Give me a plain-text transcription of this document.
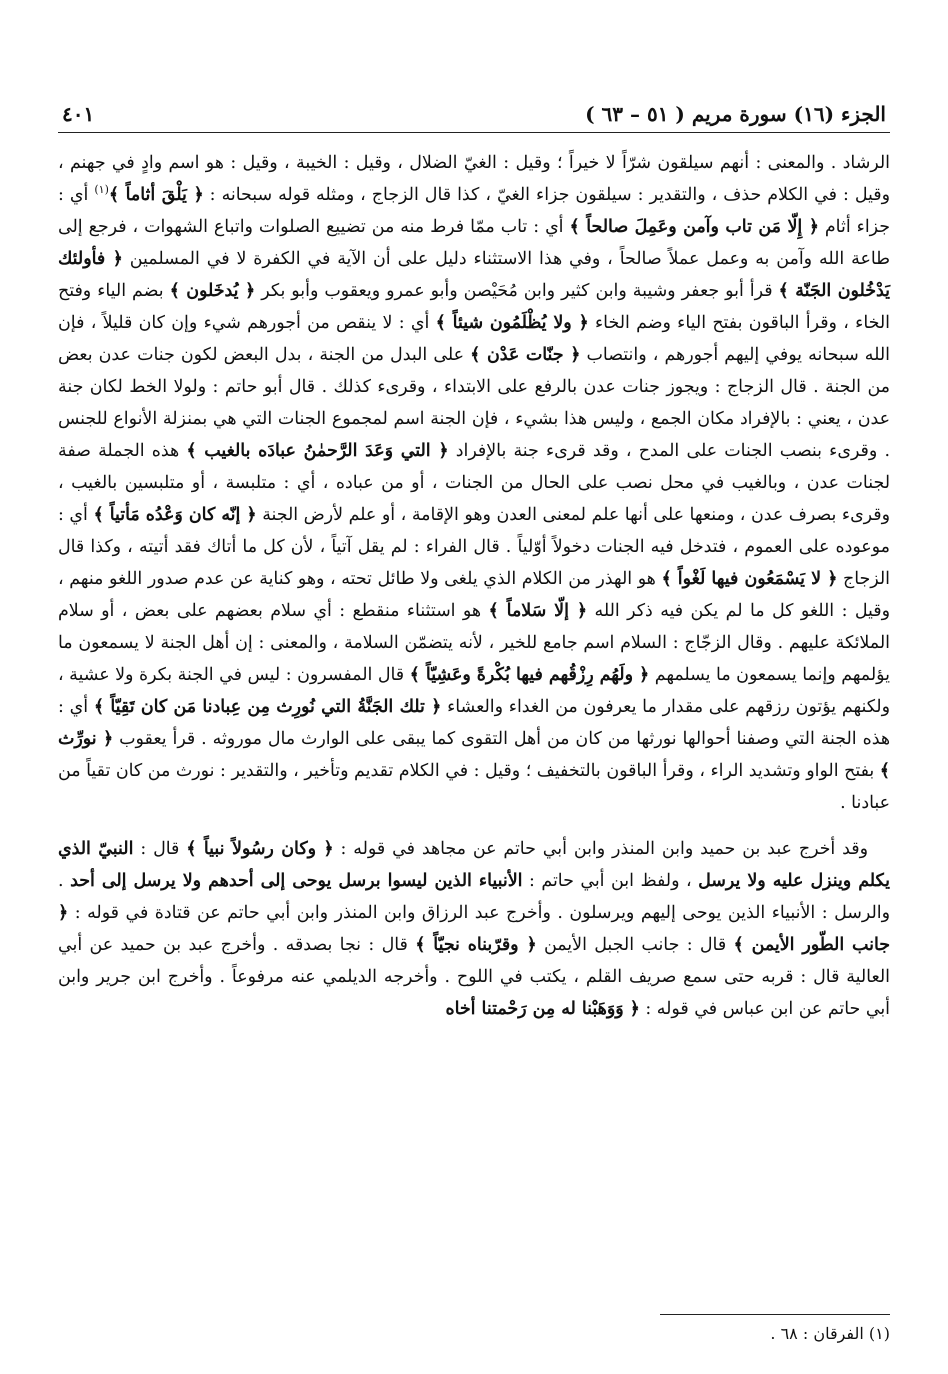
الجزء (١٦) سورة مريم ( ٥١ – ٦٣ )
٤٠١

الرشاد . والمعنى : أنهم سيلقون شرّاً لا خيراً ؛ وقيل : الغيّ الضلال ، وقيل : الخيبة ، وقيل : هو اسم وادٍ في جهنم ، وقيل : في الكلام حذف ، والتقدير : سيلقون جزاء الغيّ ، كذا قال الزجاج ، ومثله قوله سبحانه : ﴿ يَلْقَ أثاماً ﴾$^{(١)}$ أي : جزاء أثام ﴿ إِلّا مَن تاب وآمن وعَمِلَ صالحاً ﴾ أي : تاب ممّا فرط منه من تضييع الصلوات واتباع الشهوات ، فرجع إلى طاعة الله وآمن به وعمل عملاً صالحاً ، وفي هذا الاستثناء دليل على أن الآية في الكفرة لا في المسلمين ﴿ فأولئك يَدْخُلون الجَنّة ﴾ قرأ أبو جعفر وشيبة وابن كثير وابن مُحَيْصن وأبو عمرو ويعقوب وأبو بكر ﴿ يُدخَلون ﴾ بضم الياء وفتح الخاء ، وقرأ الباقون بفتح الياء وضم الخاء ﴿ ولا يُظْلَمُون شيئاً ﴾ أي : لا ينقص من أجورهم شيء وإن كان قليلاً ، فإن الله سبحانه يوفي إليهم أجورهم ، وانتصاب ﴿ جنّات عَدْن ﴾ على البدل من الجنة ، بدل البعض لكون جنات عدن بعض من الجنة . قال الزجاج : ويجوز جنات عدن بالرفع على الابتداء ، وقرىء كذلك . قال أبو حاتم : ولولا الخط لكان جنة عدن ، يعني : بالإفراد مكان الجمع ، وليس هذا بشيء ، فإن الجنة اسم لمجموع الجنات التي هي بمنزلة الأنواع للجنس . وقرىء بنصب الجنات على المدح ، وقد قرىء جنة بالإفراد ﴿ التي وَعَدَ الرَّحمٰنُ عبادَه بالغيب ﴾ هذه الجملة صفة لجنات عدن ، وبالغيب في محل نصب على الحال من الجنات ، أو من عباده ، أي : متلبسة ، أو متلبسين بالغيب ، وقرىء بصرف عدن ، ومنعها على أنها علم لمعنى العدن وهو الإقامة ، أو علم لأرض الجنة ﴿ إنّه كان وَعْدُه مَأتياً ﴾ أي : موعوده على العموم ، فتدخل فيه الجنات دخولاً أوّلياً . قال الفراء : لم يقل آتياً ، لأن كل ما أتاك فقد أتيته ، وكذا قال الزجاج ﴿ لا يَسْمَعُون فيها لَغْواً ﴾ هو الهذر من الكلام الذي يلغى ولا طائل تحته ، وهو كناية عن عدم صدور اللغو منهم ، وقيل : اللغو كل ما لم يكن فيه ذكر الله ﴿ إلّا سَلاماً ﴾ هو استثناء منقطع : أي سلام بعضهم على بعض ، أو سلام الملائكة عليهم . وقال الزجّاج : السلام اسم جامع للخير ، لأنه يتضمّن السلامة ، والمعنى : إن أهل الجنة لا يسمعون ما يؤلمهم وإنما يسمعون ما يسلمهم ﴿ ولَهُم رِزْقُهم فيها بُكْرةً وعَشِيّاً ﴾ قال المفسرون : ليس في الجنة بكرة ولا عشية ، ولكنهم يؤتون رزقهم على مقدار ما يعرفون من الغداء والعشاء ﴿ تلك الجَنَّةُ التي نُورِث مِن عِبادنا مَن كان تَقِيّاً ﴾ أي : هذه الجنة التي وصفنا أحوالها نورثها من كان من أهل التقوى كما يبقى على الوارث مال موروثه . قرأ يعقوب ﴿ نورِّث ﴾ بفتح الواو وتشديد الراء ، وقرأ الباقون بالتخفيف ؛ وقيل : في الكلام تقديم وتأخير ، والتقدير : نورث من كان تقياً من عبادنا .

وقد أخرج عبد بن حميد وابن المنذر وابن أبي حاتم عن مجاهد في قوله : ﴿ وكان رسُولاً نبياً ﴾ قال : النبيّ الذي يكلم وينزل عليه ولا يرسل ، ولفظ ابن أبي حاتم : الأنبياء الذين ليسوا برسل يوحى إلى أحدهم ولا يرسل إلى أحد . والرسل : الأنبياء الذين يوحى إليهم ويرسلون . وأخرج عبد الرزاق وابن المنذر وابن أبي حاتم عن قتادة في قوله : ﴿ جانب الطّور الأيمن ﴾ قال : جانب الجبل الأيمن ﴿ وقرّبناه نجيّاً ﴾ قال : نجا بصدقه . وأخرج عبد بن حميد عن أبي العالية قال : قربه حتى سمع صريف القلم ، يكتب في اللوح . وأخرجه الديلمي عنه مرفوعاً . وأخرج ابن جرير وابن أبي حاتم عن ابن عباس في قوله : ﴿ وَوَهَبْنا له مِن رَحْمتنا أخاه

(١) الفرقان : ٦٨ .
